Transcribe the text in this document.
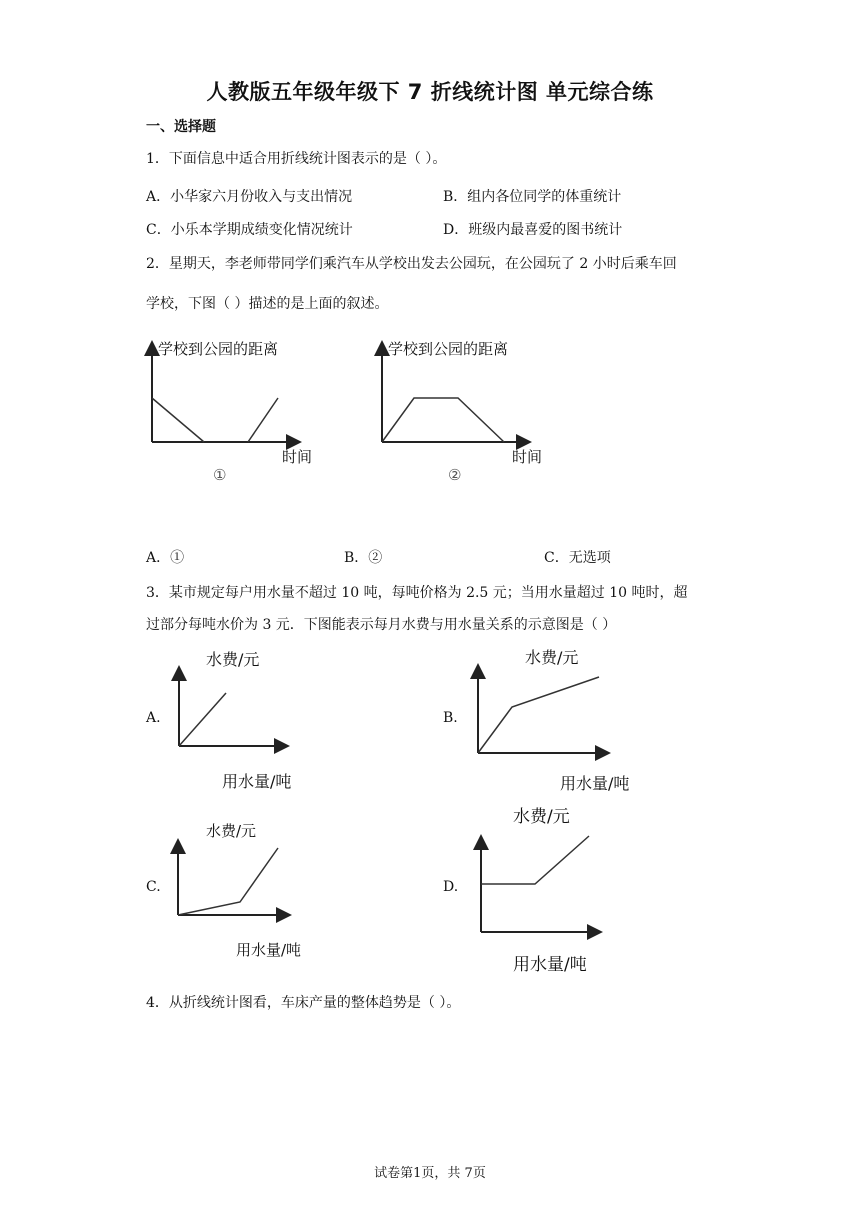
人教版五年级年级下 7 折线统计图 单元综合练
一、选择题
1．下面信息中适合用折线统计图表示的是（ ）。
A．小华家六月份收入与支出情况	B．组内各位同学的体重统计
C．小乐本学期成绩变化情况统计	D．班级内最喜爱的图书统计
2．星期天，李老师带同学们乘汽车从学校出发去公园玩，在公园玩了 2 小时后乘车回
学校，下图（ ）描述的是上面的叙述。
学校到公园的距离
时间
①
学校到公园的距离
时间
②
A．①	B．②	C．无选项
3．某市规定每户用水量不超过 10 吨，每吨价格为 2.5 元；当用水量超过 10 吨时，超
过部分每吨水价为 3 元．下图能表示每月水费与用水量关系的示意图是（ ）
A.
水费/元
用水量/吨
B.
水费/元
用水量/吨
C.
水费/元
用水量/吨
D.
水费/元
用水量/吨
4．从折线统计图看，车床产量的整体趋势是（ ）。
试卷第1页，共 7页
